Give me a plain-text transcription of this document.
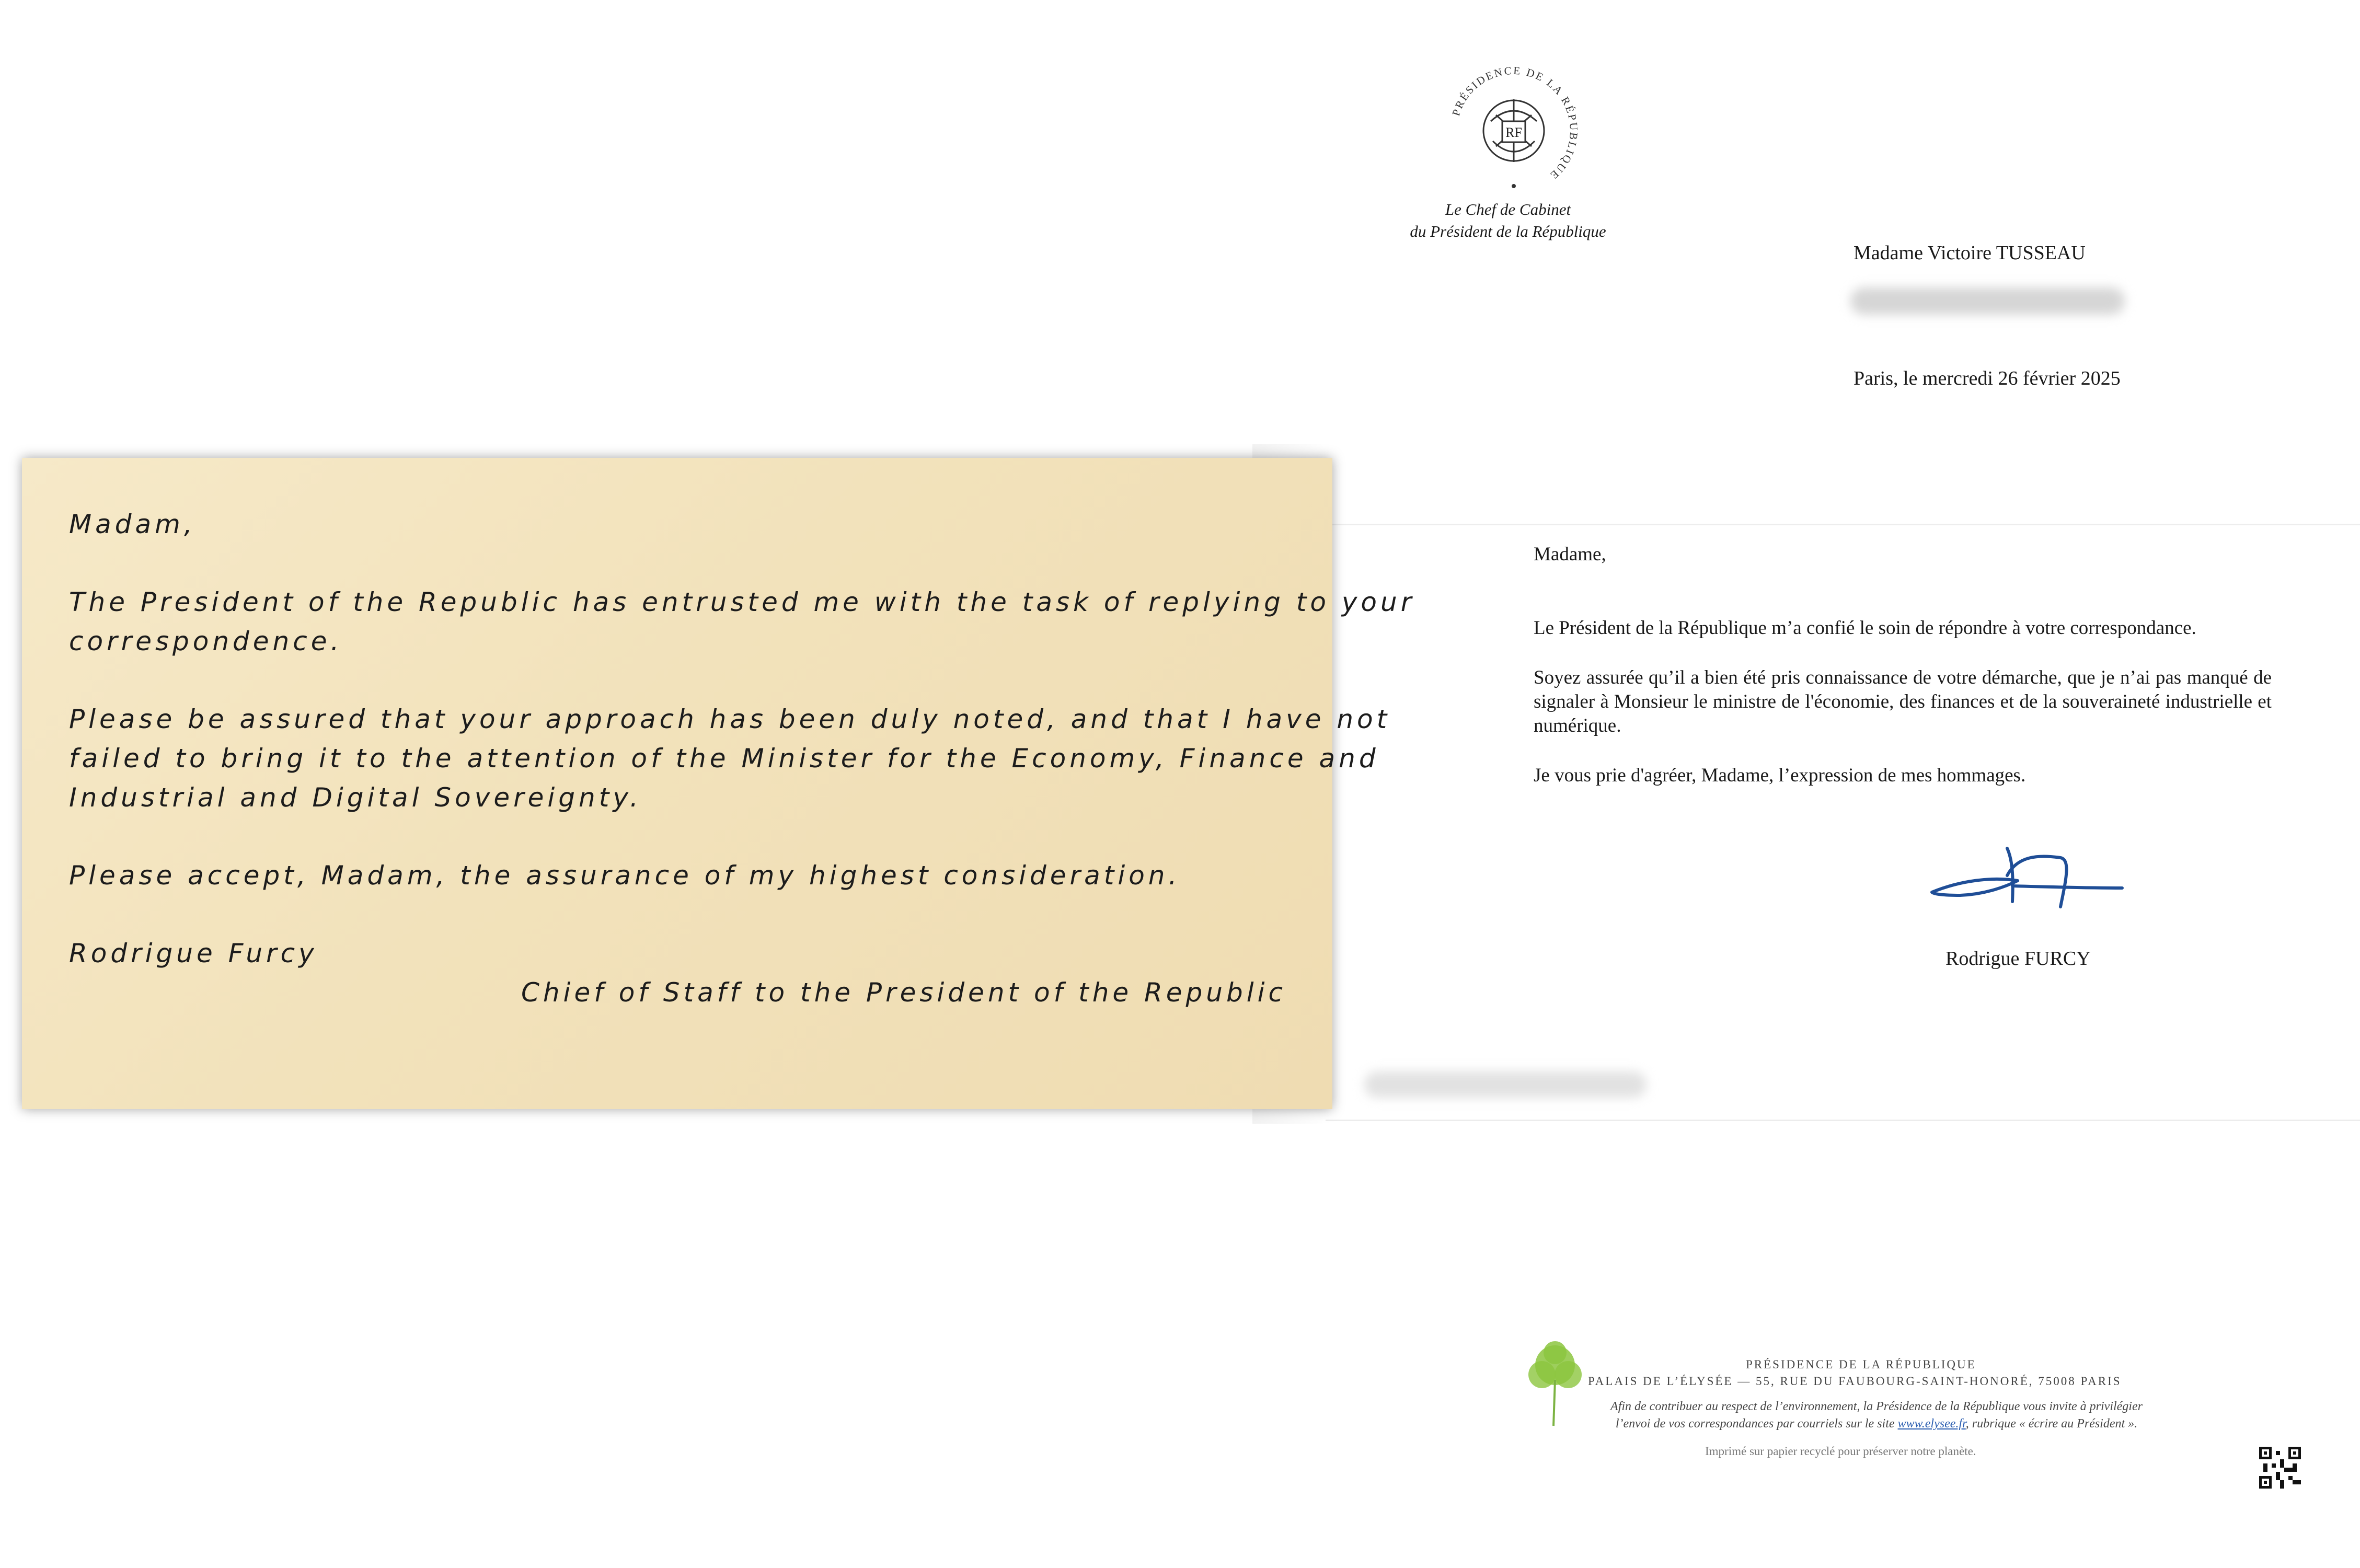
PRÉSIDENCE DE LA RÉPUBLIQUE
RF
Le Chef de Cabinet
du Président de la République
Madame Victoire TUSSEAU
Paris, le mercredi 26 février 2025

Madame,

Le Président de la République m’a confié le soin de répondre à votre correspondance.

Soyez assurée qu’il a bien été pris connaissance de votre démarche, que je n’ai pas manqué de signaler à Monsieur le ministre de l'économie, des finances et de la souveraineté industrielle et numérique.

Je vous prie d'agréer, Madame, l’expression de mes hommages.

Rodrigue FURCY
PRÉSIDENCE DE LA RÉPUBLIQUE
PALAIS DE L’ÉLYSÉE — 55, RUE DU FAUBOURG-SAINT-HONORÉ, 75008 PARIS
Afin de contribuer au respect de l’environnement, la Présidence de la République vous invite à privilégier
l’envoi de vos correspondances par courriels sur le site www.elysee.fr, rubrique « écrire au Président ».
Imprimé sur papier recyclé pour préserver notre planète.
Madam,
The President of the Republic has entrusted me with the task of replying to your
correspondence.
Please be assured that your approach has been duly noted, and that I have not
failed to bring it to the attention of the Minister for the Economy, Finance and
Industrial and Digital Sovereignty.
Please accept, Madam, the assurance of my highest consideration.
Rodrigue Furcy
Chief of Staff to the President of the Republic
